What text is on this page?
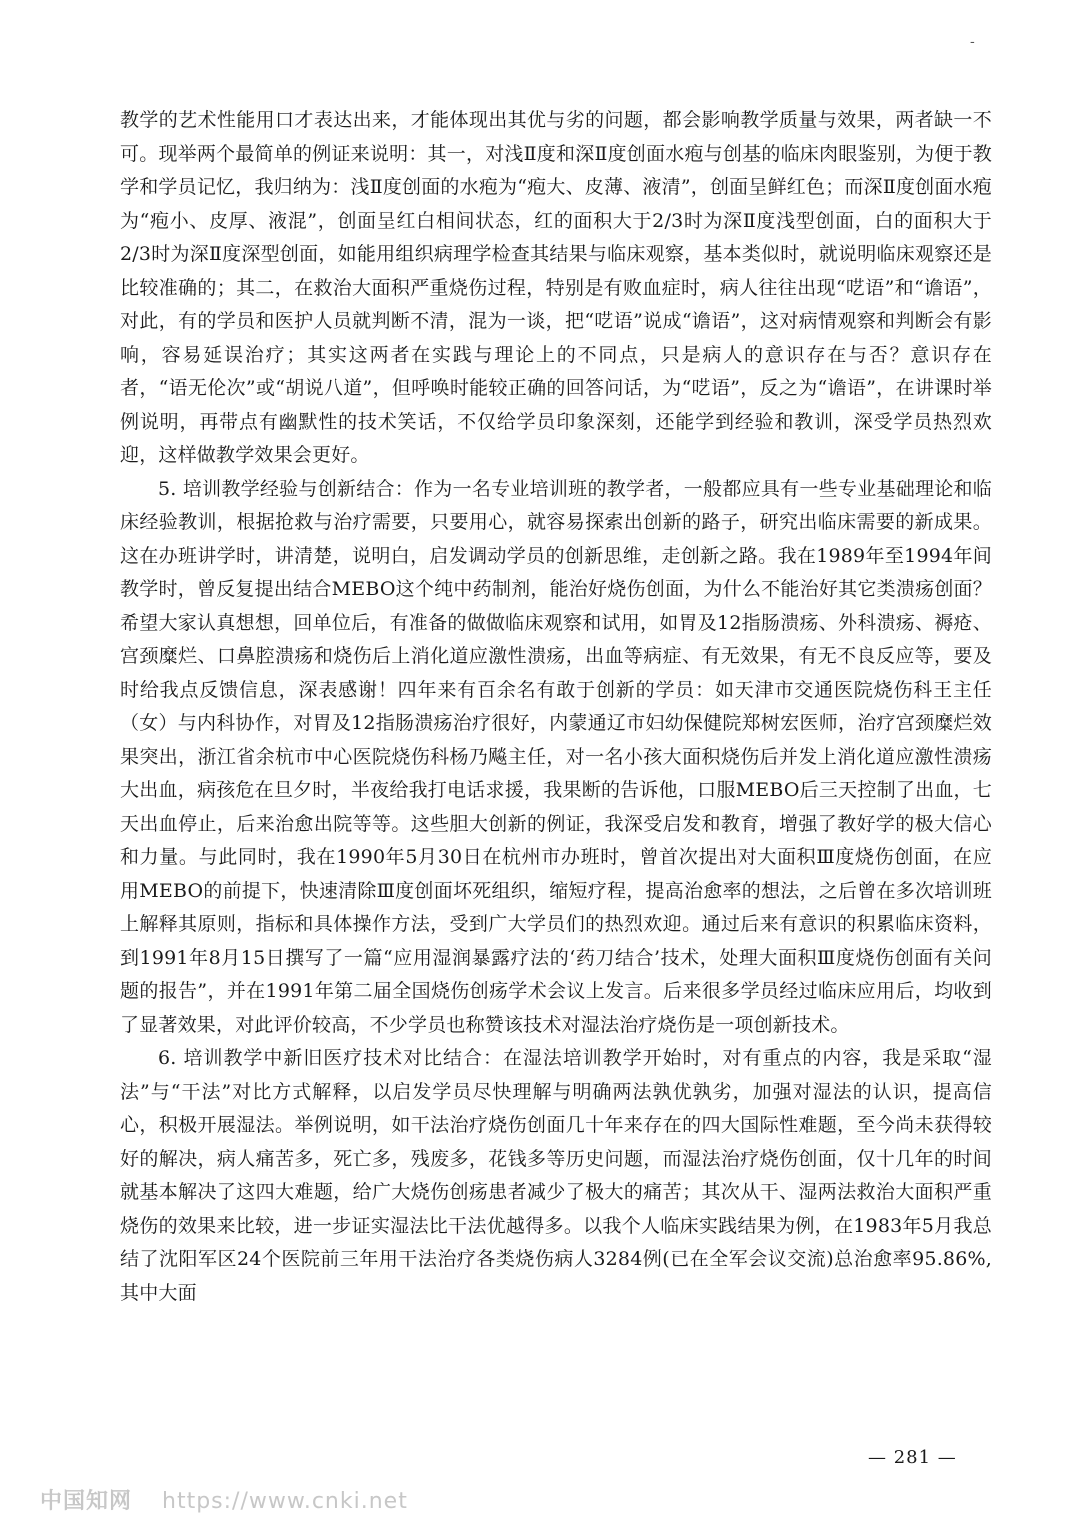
-

教学的艺术性能用口才表达出来，才能体现出其优与劣的问题，都会影响教学质量与效果，两者缺一不可。现举两个最简单的例证来说明：其一，对浅Ⅱ度和深Ⅱ度创面水疱与创基的临床肉眼鉴别，为便于教学和学员记忆，我归纳为：浅Ⅱ度创面的水疱为“疱大、皮薄、液清”，创面呈鲜红色；而深Ⅱ度创面水疱为“疱小、皮厚、液混”，创面呈红白相间状态，红的面积大于2/3时为深Ⅱ度浅型创面，白的面积大于2/3时为深Ⅱ度深型创面，如能用组织病理学检查其结果与临床观察，基本类似时，就说明临床观察还是比较准确的；其二，在救治大面积严重烧伤过程，特别是有败血症时，病人往往出现“呓语”和“谵语”，对此，有的学员和医护人员就判断不清，混为一谈，把“呓语”说成“谵语”，这对病情观察和判断会有影响，容易延误治疗；其实这两者在实践与理论上的不同点，只是病人的意识存在与否？意识存在者，“语无伦次”或“胡说八道”，但呼唤时能较正确的回答问话，为“呓语”，反之为“谵语”，在讲课时举例说明，再带点有幽默性的技术笑话，不仅给学员印象深刻，还能学到经验和教训，深受学员热烈欢迎，这样做教学效果会更好。

5. 培训教学经验与创新结合：作为一名专业培训班的教学者，一般都应具有一些专业基础理论和临床经验教训，根据抢救与治疗需要，只要用心，就容易探索出创新的路子，研究出临床需要的新成果。这在办班讲学时，讲清楚，说明白，启发调动学员的创新思维，走创新之路。我在1989年至1994年间教学时，曾反复提出结合MEBO这个纯中药制剂，能治好烧伤创面，为什么不能治好其它类溃疡创面？希望大家认真想想，回单位后，有准备的做做临床观察和试用，如胃及12指肠溃疡、外科溃疡、褥疮、宫颈糜烂、口鼻腔溃疡和烧伤后上消化道应激性溃疡，出血等病症、有无效果，有无不良反应等，要及时给我点反馈信息，深表感谢！四年来有百余名有敢于创新的学员：如天津市交通医院烧伤科王主任（女）与内科协作，对胃及12指肠溃疡治疗很好，内蒙通辽市妇幼保健院郑树宏医师，治疗宫颈糜烂效果突出，浙江省余杭市中心医院烧伤科杨乃飚主任，对一名小孩大面积烧伤后并发上消化道应激性溃疡大出血，病孩危在旦夕时，半夜给我打电话求援，我果断的告诉他，口服MEBO后三天控制了出血，七天出血停止，后来治愈出院等等。这些胆大创新的例证，我深受启发和教育，增强了教好学的极大信心和力量。与此同时，我在1990年5月30日在杭州市办班时，曾首次提出对大面积Ⅲ度烧伤创面，在应用MEBO的前提下，快速清除Ⅲ度创面坏死组织，缩短疗程，提高治愈率的想法，之后曾在多次培训班上解释其原则，指标和具体操作方法，受到广大学员们的热烈欢迎。通过后来有意识的积累临床资料，到1991年8月15日撰写了一篇“应用湿润暴露疗法的‘药刀结合’技术，处理大面积Ⅲ度烧伤创面有关问题的报告”，并在1991年第二届全国烧伤创疡学术会议上发言。后来很多学员经过临床应用后，均收到了显著效果，对此评价较高，不少学员也称赞该技术对湿法治疗烧伤是一项创新技术。

6. 培训教学中新旧医疗技术对比结合：在湿法培训教学开始时，对有重点的内容，我是采取“湿法”与“干法”对比方式解释，以启发学员尽快理解与明确两法孰优孰劣，加强对湿法的认识，提高信心，积极开展湿法。举例说明，如干法治疗烧伤创面几十年来存在的四大国际性难题，至今尚未获得较好的解决，病人痛苦多，死亡多，残废多，花钱多等历史问题，而湿法治疗烧伤创面，仅十几年的时间就基本解决了这四大难题，给广大烧伤创疡患者减少了极大的痛苦；其次从干、湿两法救治大面积严重烧伤的效果来比较，进一步证实湿法比干法优越得多。以我个人临床实践结果为例，在1983年5月我总结了沈阳军区24个医院前三年用干法治疗各类烧伤病人3284例(已在全军会议交流)总治愈率95.86%,其中大面

— 281 —
中国知网 https://www.cnki.net
